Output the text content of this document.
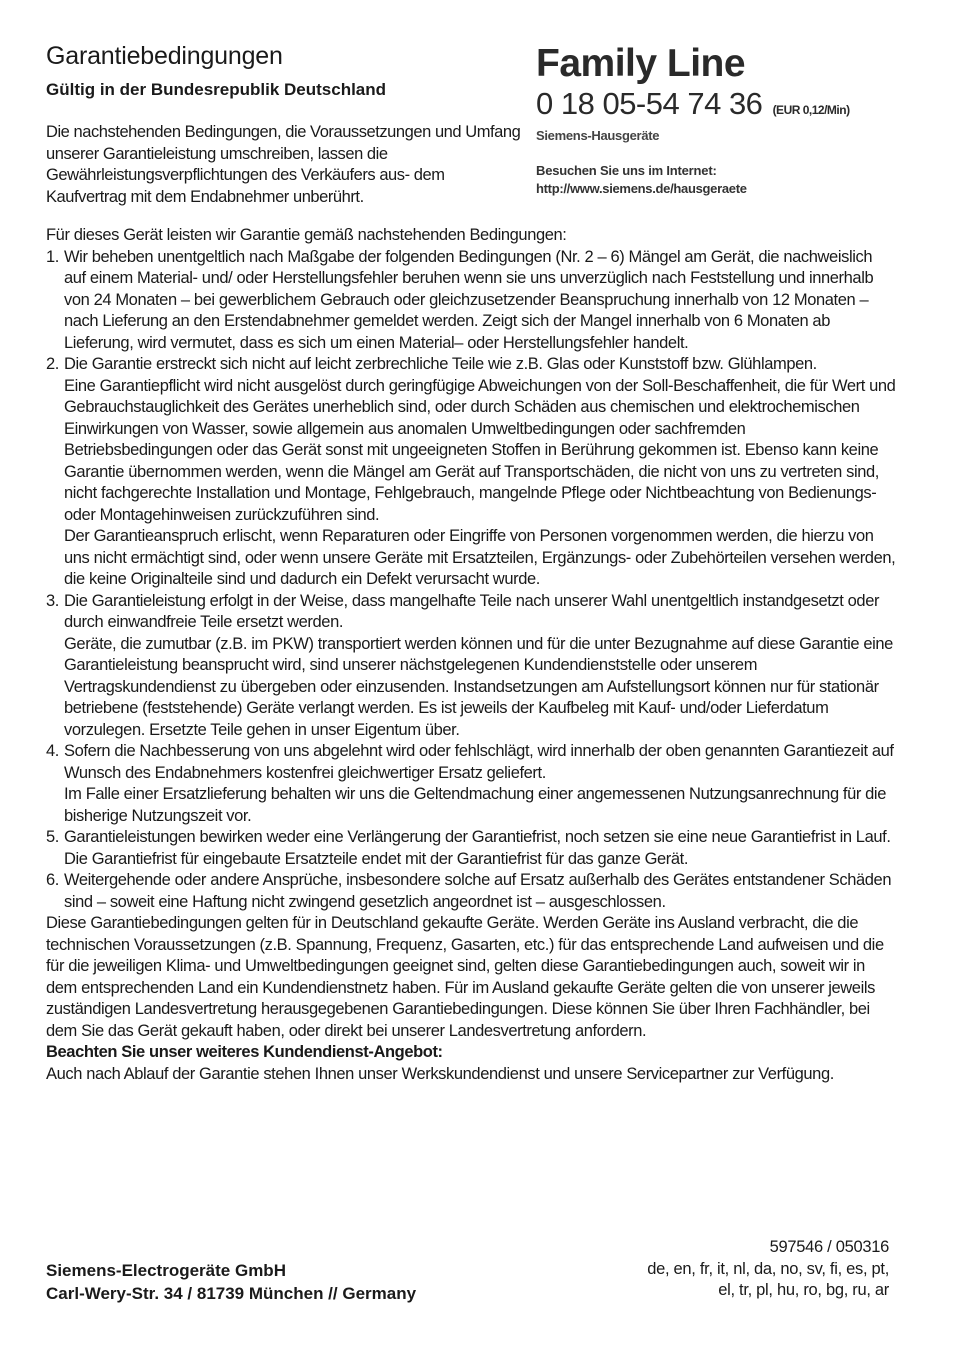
Garantiebedingungen
Gültig in der Bundesrepublik Deutschland

Die nachstehenden Bedingungen, die Voraussetzungen und Umfang unserer Garantieleistung umschreiben, lassen die Gewährleistungsverpflichtungen des Verkäufers aus- dem Kaufvertrag mit dem Endabnehmer unberührt.

Family Line
0 18 05-54 74 36 (EUR 0,12/Min)
Siemens-Hausgeräte
Besuchen Sie uns im Internet:
http://www.siemens.de/hausgeraete

Für dieses Gerät leisten wir Garantie gemäß nachstehenden Bedingungen:

1. Wir beheben unentgeltlich nach Maßgabe der folgenden Bedingungen (Nr. 2 – 6) Mängel am Gerät, die nachweislich auf einem Material- und/ oder Herstellungsfehler beruhen wenn sie uns unverzüglich nach Feststellung und innerhalb von 24 Monaten – bei gewerblichem Gebrauch oder gleichzusetzender Beanspruchung innerhalb von 12 Monaten – nach Lieferung an den Erstendabnehmer gemeldet werden. Zeigt sich der Mangel innerhalb von 6 Monaten ab Lieferung, wird vermutet, dass es sich um einen Material– oder Herstellungsfehler handelt.

2. Die Garantie erstreckt sich nicht auf leicht zerbrechliche Teile wie z.B. Glas oder Kunststoff bzw. Glühlampen.

Eine Garantiepflicht wird nicht ausgelöst durch geringfügige Abweichungen von der Soll-Beschaffenheit, die für Wert und Gebrauchstauglichkeit des Gerätes unerheblich sind, oder durch Schäden aus chemischen und elektrochemischen Einwirkungen von Wasser, sowie allgemein aus anomalen Umweltbedingungen oder sachfremden Betriebsbedingungen oder das Gerät sonst mit ungeeigneten Stoffen in Berührung gekommen ist. Ebenso kann keine Garantie übernommen werden, wenn die Mängel am Gerät auf Transportschäden, die nicht von uns zu vertreten sind, nicht fachgerechte Installation und Montage, Fehlgebrauch, mangelnde Pflege oder Nichtbeachtung von Bedienungs- oder Montagehinweisen zurückzuführen sind.

Der Garantieanspruch erlischt, wenn Reparaturen oder Eingriffe von Personen vorgenommen werden, die hierzu von uns nicht ermächtigt sind, oder wenn unsere Geräte mit Ersatzteilen, Ergänzungs- oder Zubehörteilen versehen werden, die keine Originalteile sind und dadurch ein Defekt verursacht wurde.

3. Die Garantieleistung erfolgt in der Weise, dass mangelhafte Teile nach unserer Wahl unentgeltlich instandgesetzt oder durch einwandfreie Teile ersetzt werden.

Geräte, die zumutbar (z.B. im PKW) transportiert werden können und für die unter Bezugnahme auf diese Garantie eine Garantieleistung beansprucht wird, sind unserer nächstgelegenen Kundendienststelle oder unserem Vertragskundendienst zu übergeben oder einzusenden. Instandsetzungen am Aufstellungsort können nur für stationär betriebene (feststehende) Geräte verlangt werden. Es ist jeweils der Kaufbeleg mit Kauf- und/oder Lieferdatum vorzulegen. Ersetzte Teile gehen in unser Eigentum über.

4. Sofern die Nachbesserung von uns abgelehnt wird oder fehlschlägt, wird innerhalb der oben genannten Garantiezeit auf Wunsch des Endabnehmers kostenfrei gleichwertiger Ersatz geliefert.

Im Falle einer Ersatzlieferung behalten wir uns die Geltendmachung einer angemessenen Nutzungsanrechnung für die bisherige Nutzungszeit vor.

5. Garantieleistungen bewirken weder eine Verlängerung der Garantiefrist, noch setzen sie eine neue Garantiefrist in Lauf. Die Garantiefrist für eingebaute Ersatzteile endet mit der Garantiefrist für das ganze Gerät.

6. Weitergehende oder andere Ansprüche, insbesondere solche auf Ersatz außerhalb des Gerätes entstandener Schäden sind – soweit eine Haftung nicht zwingend gesetzlich angeordnet ist – ausgeschlossen.

Diese Garantiebedingungen gelten für in Deutschland gekaufte Geräte. Werden Geräte ins Ausland verbracht, die die technischen Voraussetzungen (z.B. Spannung, Frequenz, Gasarten, etc.) für das entsprechende Land aufweisen und die für die jeweiligen Klima- und Umweltbedingungen geeignet sind, gelten diese Garantiebedingungen auch, soweit wir in dem entsprechenden Land ein Kundendienstnetz haben. Für im Ausland gekaufte Geräte gelten die von unserer jeweils zuständigen Landesvertretung herausgegebenen Garantiebedingungen. Diese können Sie über Ihren Fachhändler, bei dem Sie das Gerät gekauft haben, oder direkt bei unserer Landesvertretung anfordern.

Beachten Sie unser weiteres Kundendienst-Angebot:

Auch nach Ablauf der Garantie stehen Ihnen unser Werkskundendienst und unsere Servicepartner zur Verfügung.

Siemens-Electrogeräte GmbH
Carl-Wery-Str. 34 / 81739 München // Germany
597546 / 050316
de, en, fr, it, nl, da, no, sv, fi, es, pt,
el, tr, pl, hu, ro, bg, ru, ar
